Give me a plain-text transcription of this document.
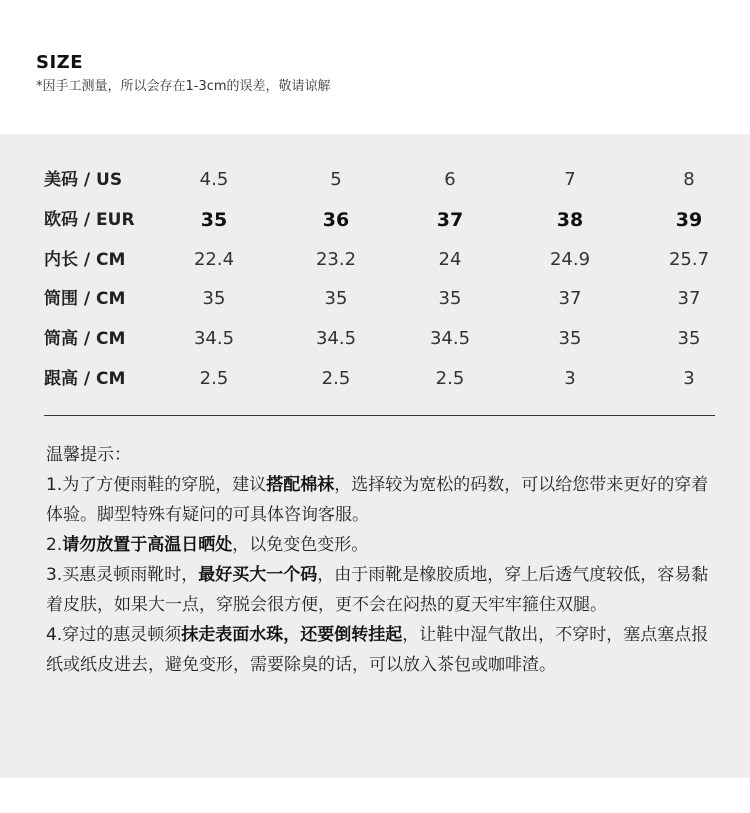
SIZE
*因手工测量，所以会存在1-3cm的误差，敬请谅解
美码 / US	4.5	5	6	7	8
欧码 / EUR	35	36	37	38	39
内长 / CM	22.4	23.2	24	24.9	25.7
筒围 / CM	35	35	35	37	37
筒高 / CM	34.5	34.5	34.5	35	35
跟高 / CM	2.5	2.5	2.5	3	3

温馨提示：

1.为了方便雨鞋的穿脱，建议搭配棉袜，选择较为宽松的码数，可以给您带来更好的穿着体验。脚型特殊有疑问的可具体咨询客服。

2.请勿放置于高温日晒处，以免变色变形。

3.买惠灵顿雨靴时，最好买大一个码，由于雨靴是橡胶质地，穿上后透气度较低，容易黏着皮肤，如果大一点，穿脱会很方便，更不会在闷热的夏天牢牢箍住双腿。

4.穿过的惠灵顿须抹走表面水珠，还要倒转挂起，让鞋中湿气散出，不穿时，塞点塞点报纸或纸皮进去，避免变形，需要除臭的话，可以放入茶包或咖啡渣。
